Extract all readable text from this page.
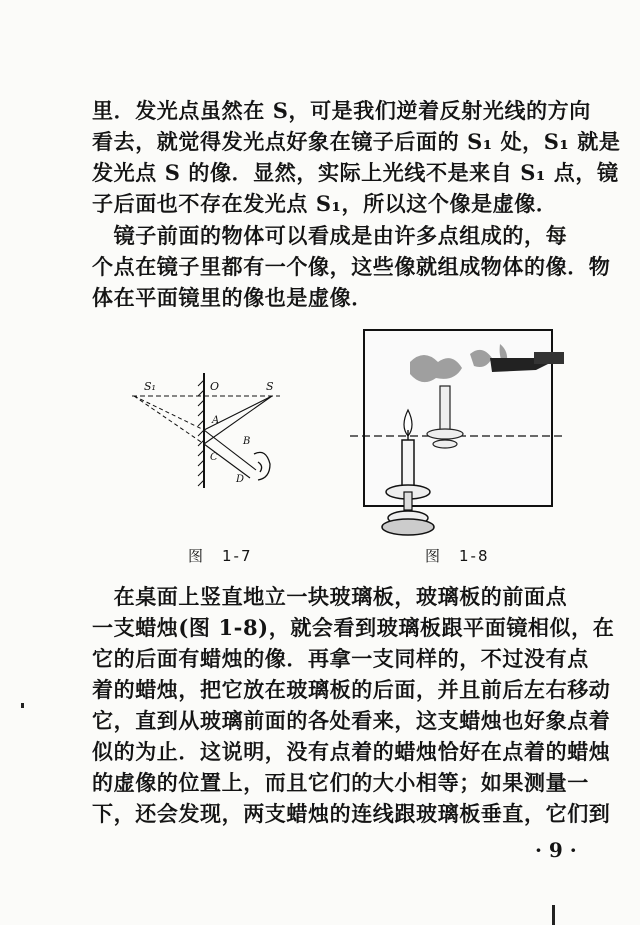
里．发光点虽然在 S，可是我们逆着反射光线的方向
看去，就觉得发光点好象在镜子后面的 S₁ 处，S₁ 就是
发光点 S 的像．显然，实际上光线不是来自 S₁ 点，镜
子后面也不存在发光点 S₁，所以这个像是虚像．
　镜子前面的物体可以看成是由许多点组成的，每
个点在镜子里都有一个像，这些像就组成物体的像．物
体在平面镜里的像也是虚像．
S₁	O	S
A
B
C
D
图　1-7	图　1-8
　在桌面上竖直地立一块玻璃板，玻璃板的前面点
一支蜡烛(图 1-8)，就会看到玻璃板跟平面镜相似，在
它的后面有蜡烛的像．再拿一支同样的，不过没有点
着的蜡烛，把它放在玻璃板的后面，并且前后左右移动
它，直到从玻璃前面的各处看来，这支蜡烛也好象点着
似的为止．这说明，没有点着的蜡烛恰好在点着的蜡烛
的虚像的位置上，而且它们的大小相等；如果测量一
下，还会发现，两支蜡烛的连线跟玻璃板垂直，它们到
· 9 ·
